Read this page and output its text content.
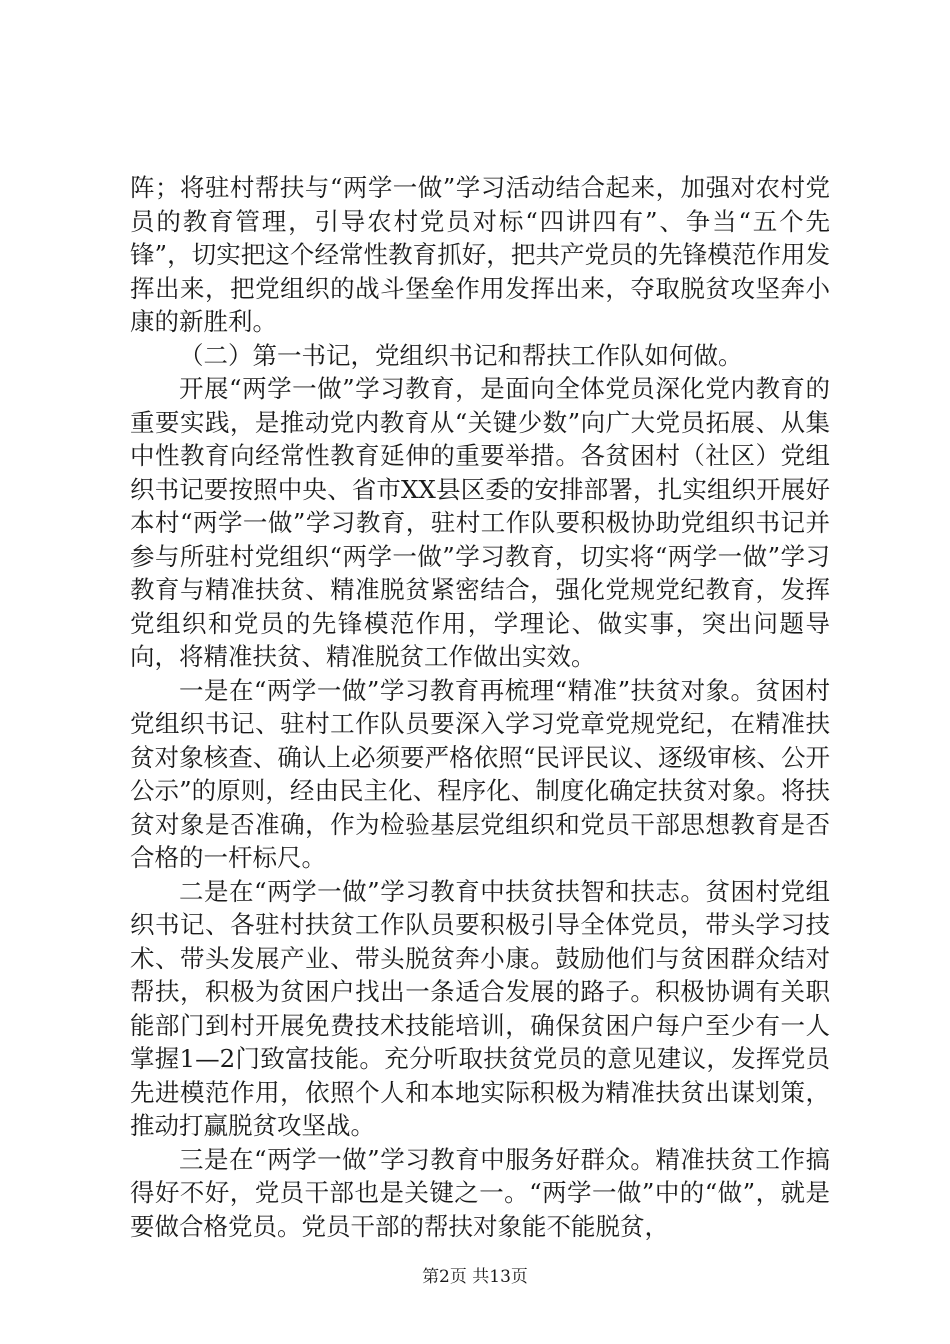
阵；将驻村帮扶与“两学一做”学习活动结合起来，加强对农村党员的教育管理，引导农村党员对标“四讲四有”、争当“五个先锋”，切实把这个经常性教育抓好，把共产党员的先锋模范作用发挥出来，把党组织的战斗堡垒作用发挥出来，夺取脱贫攻坚奔小康的新胜利。

（二）第一书记，党组织书记和帮扶工作队如何做。

开展“两学一做”学习教育，是面向全体党员深化党内教育的重要实践，是推动党内教育从“关键少数”向广大党员拓展、从集中性教育向经常性教育延伸的重要举措。各贫困村（社区）党组织书记要按照中央、省市XX县区委的安排部署，扎实组织开展好本村“两学一做”学习教育，驻村工作队要积极协助党组织书记并参与所驻村党组织“两学一做”学习教育，切实将“两学一做”学习教育与精准扶贫、精准脱贫紧密结合，强化党规党纪教育，发挥党组织和党员的先锋模范作用，学理论、做实事，突出问题导向，将精准扶贫、精准脱贫工作做出实效。

一是在“两学一做”学习教育再梳理“精准”扶贫对象。贫困村党组织书记、驻村工作队员要深入学习党章党规党纪，在精准扶贫对象核查、确认上必须要严格依照“民评民议、逐级审核、公开公示”的原则，经由民主化、程序化、制度化确定扶贫对象。将扶贫对象是否准确，作为检验基层党组织和党员干部思想教育是否合格的一杆标尺。

二是在“两学一做”学习教育中扶贫扶智和扶志。贫困村党组织书记、各驻村扶贫工作队员要积极引导全体党员，带头学习技术、带头发展产业、带头脱贫奔小康。鼓励他们与贫困群众结对帮扶，积极为贫困户找出一条适合发展的路子。积极协调有关职能部门到村开展免费技术技能培训，确保贫困户每户至少有一人掌握1—2门致富技能。充分听取扶贫党员的意见建议，发挥党员先进模范作用，依照个人和本地实际积极为精准扶贫出谋划策，推动打赢脱贫攻坚战。

三是在“两学一做”学习教育中服务好群众。精准扶贫工作搞得好不好，党员干部也是关键之一。“两学一做”中的“做”，就是要做合格党员。党员干部的帮扶对象能不能脱贫，

第2页 共13页
